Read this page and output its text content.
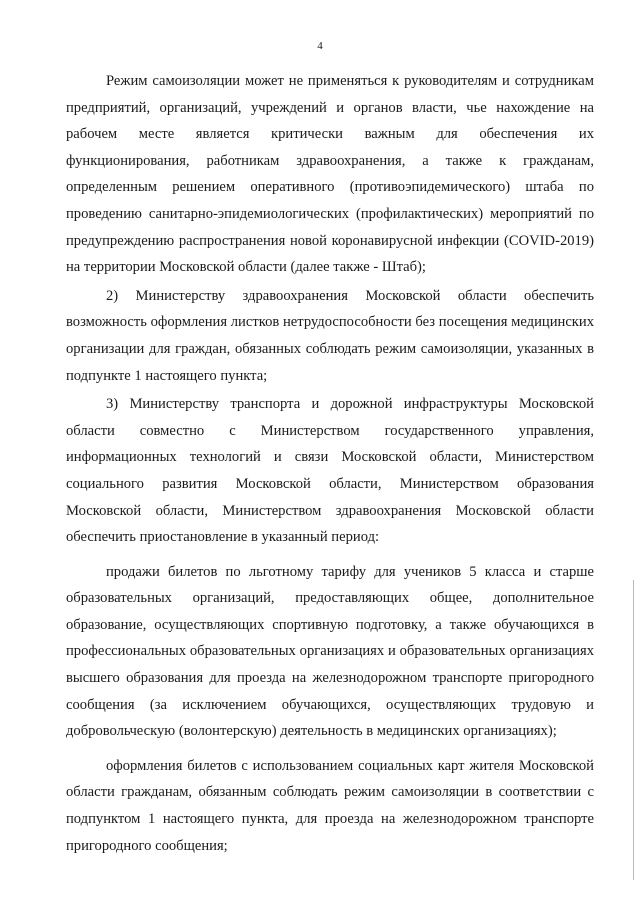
4

Режим самоизоляции может не применяться к руководителям и сотрудникам предприятий, организаций, учреждений и органов власти, чье нахождение на рабочем месте является критически важным для обеспечения их функционирования, работникам здравоохранения, а также к гражданам, определенным решением оперативного (противоэпидемического) штаба по проведению санитарно-эпидемиологических (профилактических) мероприятий по предупреждению распространения новой коронавирусной инфекции (COVID-2019) на территории Московской области (далее также - Штаб);

2) Министерству здравоохранения Московской области обеспечить возможность оформления листков нетрудоспособности без посещения медицинских организации для граждан, обязанных соблюдать режим самоизоляции, указанных в подпункте 1 настоящего пункта;

3) Министерству транспорта и дорожной инфраструктуры Московской области совместно с Министерством государственного управления, информационных технологий и связи Московской области, Министерством социального развития Московской области, Министерством образования Московской области, Министерством здравоохранения Московской области обеспечить приостановление в указанный период:

продажи билетов по льготному тарифу для учеников 5 класса и старше образовательных организаций, предоставляющих общее, дополнительное образование, осуществляющих спортивную подготовку, а также обучающихся в профессиональных образовательных организациях и образовательных организациях высшего образования для проезда на железнодорожном транспорте пригородного сообщения (за исключением обучающихся, осуществляющих трудовую и добровольческую (волонтерскую) деятельность в медицинских организациях);

оформления билетов с использованием социальных карт жителя Московской области гражданам, обязанным соблюдать режим самоизоляции в соответствии с подпунктом 1 настоящего пункта, для проезда на железнодорожном транспорте пригородного сообщения;
